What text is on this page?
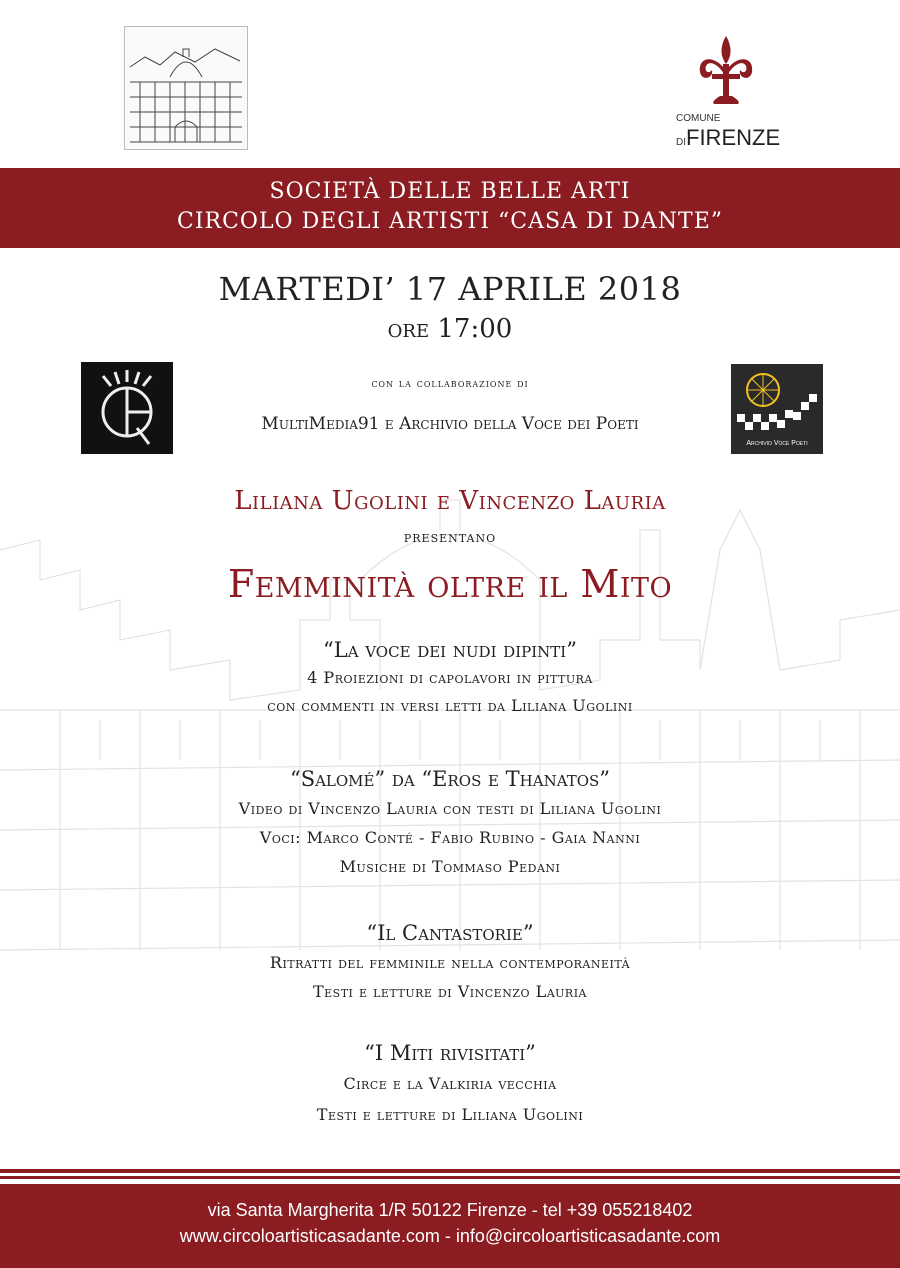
COMUNE
DIFIRENZE
SOCIETÀ DELLE BELLE ARTI
CIRCOLO DEGLI ARTISTI “CASA DI DANTE”
MARTEDI’ 17 APRILE 2018
ore 17:00
con la collaborazione di
MultiMedia91 e Archivio della Voce dei Poeti
Archivio Voce Poeti
Liliana Ugolini e Vincenzo Lauria
presentano
Femminità oltre il Mito
“La voce dei nudi dipinti”
4 Proiezioni di capolavori in pittura
con commenti in versi letti da Liliana Ugolini
“Salomé” da “Eros e Thanatos”
Video di Vincenzo Lauria con testi di Liliana Ugolini
Voci: Marco Conté - Fabio Rubino - Gaia Nanni
Musiche di Tommaso Pedani
“Il Cantastorie”
Ritratti del femminile nella contemporaneità
Testi e letture di Vincenzo Lauria
“I Miti rivisitati”
Circe e la Valkiria vecchia
Testi e letture di Liliana Ugolini
via Santa Margherita 1/R 50122 Firenze - tel +39 055218402
www.circoloartisticasadante.com - info@circoloartisticasadante.com
